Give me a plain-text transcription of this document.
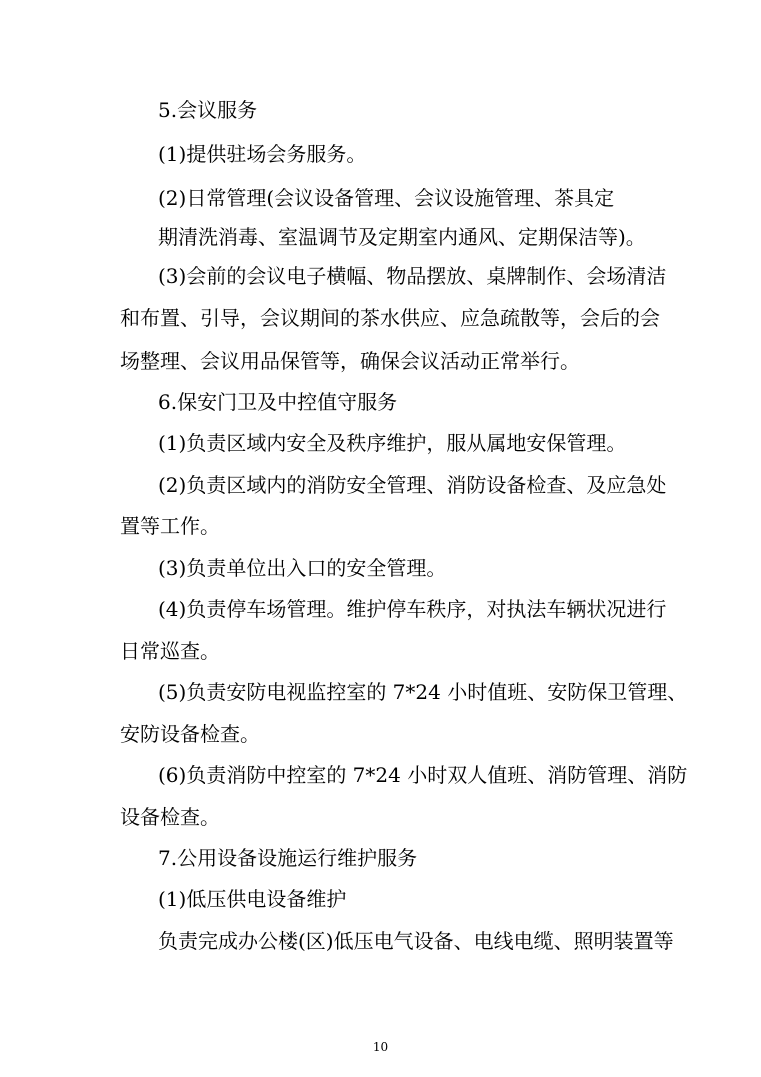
5.会议服务
(1)提供驻场会务服务。
(2)日常管理(会议设备管理、会议设施管理、茶具定
期清洗消毒、室温调节及定期室内通风、定期保洁等)。
(3)会前的会议电子横幅、物品摆放、桌牌制作、会场清洁
和布置、引导，会议期间的茶水供应、应急疏散等，会后的会
场整理、会议用品保管等，确保会议活动正常举行。
6.保安门卫及中控值守服务
(1)负责区域内安全及秩序维护，服从属地安保管理。
(2)负责区域内的消防安全管理、消防设备检查、及应急处
置等工作。
(3)负责单位出入口的安全管理。
(4)负责停车场管理。维护停车秩序，对执法车辆状况进行
日常巡查。
(5)负责安防电视监控室的 7*24 小时值班、安防保卫管理、
安防设备检查。
(6)负责消防中控室的 7*24 小时双人值班、消防管理、消防
设备检查。
7.公用设备设施运行维护服务
(1)低压供电设备维护
负责完成办公楼(区)低压电气设备、电线电缆、照明装置等
10
